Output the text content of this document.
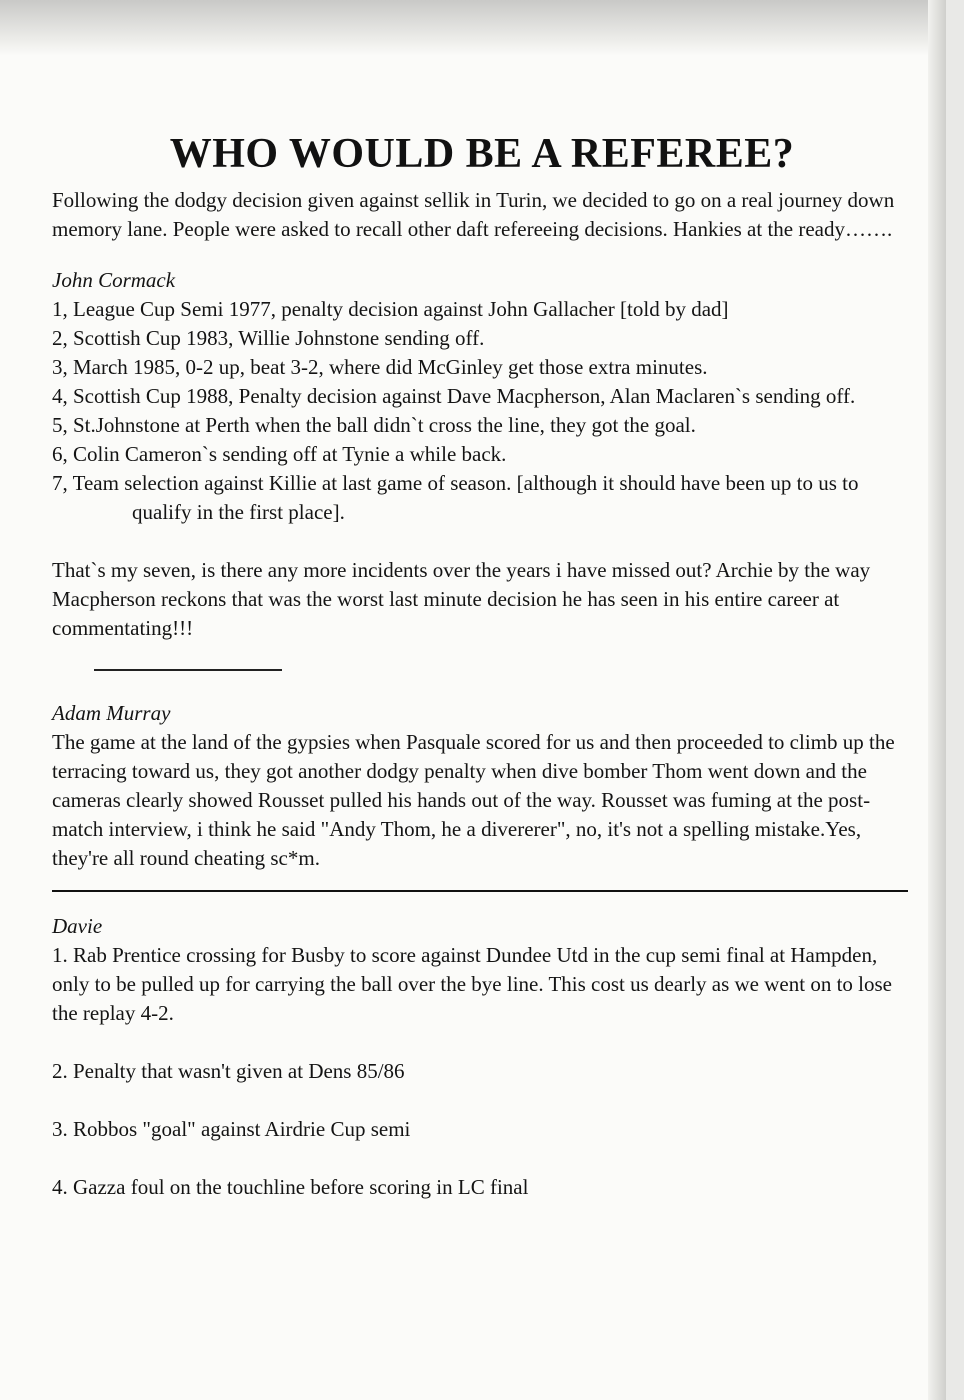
WHO WOULD BE A REFEREE?

Following the dodgy decision given against sellik in Turin, we decided to go on a real journey down memory lane. People were asked to recall other daft refereeing decisions. Hankies at the ready…….

John Cormack

1, League Cup Semi 1977, penalty decision against John Gallacher [told by dad]
2, Scottish Cup 1983, Willie Johnstone sending off.
3, March 1985, 0-2 up, beat 3-2, where did McGinley get those extra minutes.
4, Scottish Cup 1988, Penalty decision against Dave Macpherson, Alan Maclaren`s sending off.
5, St.Johnstone at Perth when the ball didn`t cross the line, they got the goal.
6, Colin Cameron`s sending off at Tynie a while back.
7, Team selection against Killie at last game of season. [although it should have been up to us to qualify in the first place].

That`s my seven, is there any more incidents over the years i have missed out? Archie by the way Macpherson reckons that was the worst last minute decision he has seen in his entire career at commentating!!!

Adam Murray

The game at the land of the gypsies when Pasquale scored for us and then proceeded to climb up the terracing toward us, they got another dodgy penalty when dive bomber Thom went down and the cameras clearly showed Rousset pulled his hands out of the way. Rousset was fuming at the post-match interview, i think he said "Andy Thom, he a divererer", no, it's not a spelling mistake.Yes, they're all round cheating sc*m.

Davie

1. Rab Prentice crossing for Busby to score against Dundee Utd in the cup semi final at Hampden, only to be pulled up for carrying the ball over the bye line. This cost us dearly as we went on to lose the replay 4-2.

2. Penalty that wasn't given at Dens 85/86

3. Robbos "goal" against Airdrie Cup semi

4. Gazza foul on the touchline before scoring in LC final
